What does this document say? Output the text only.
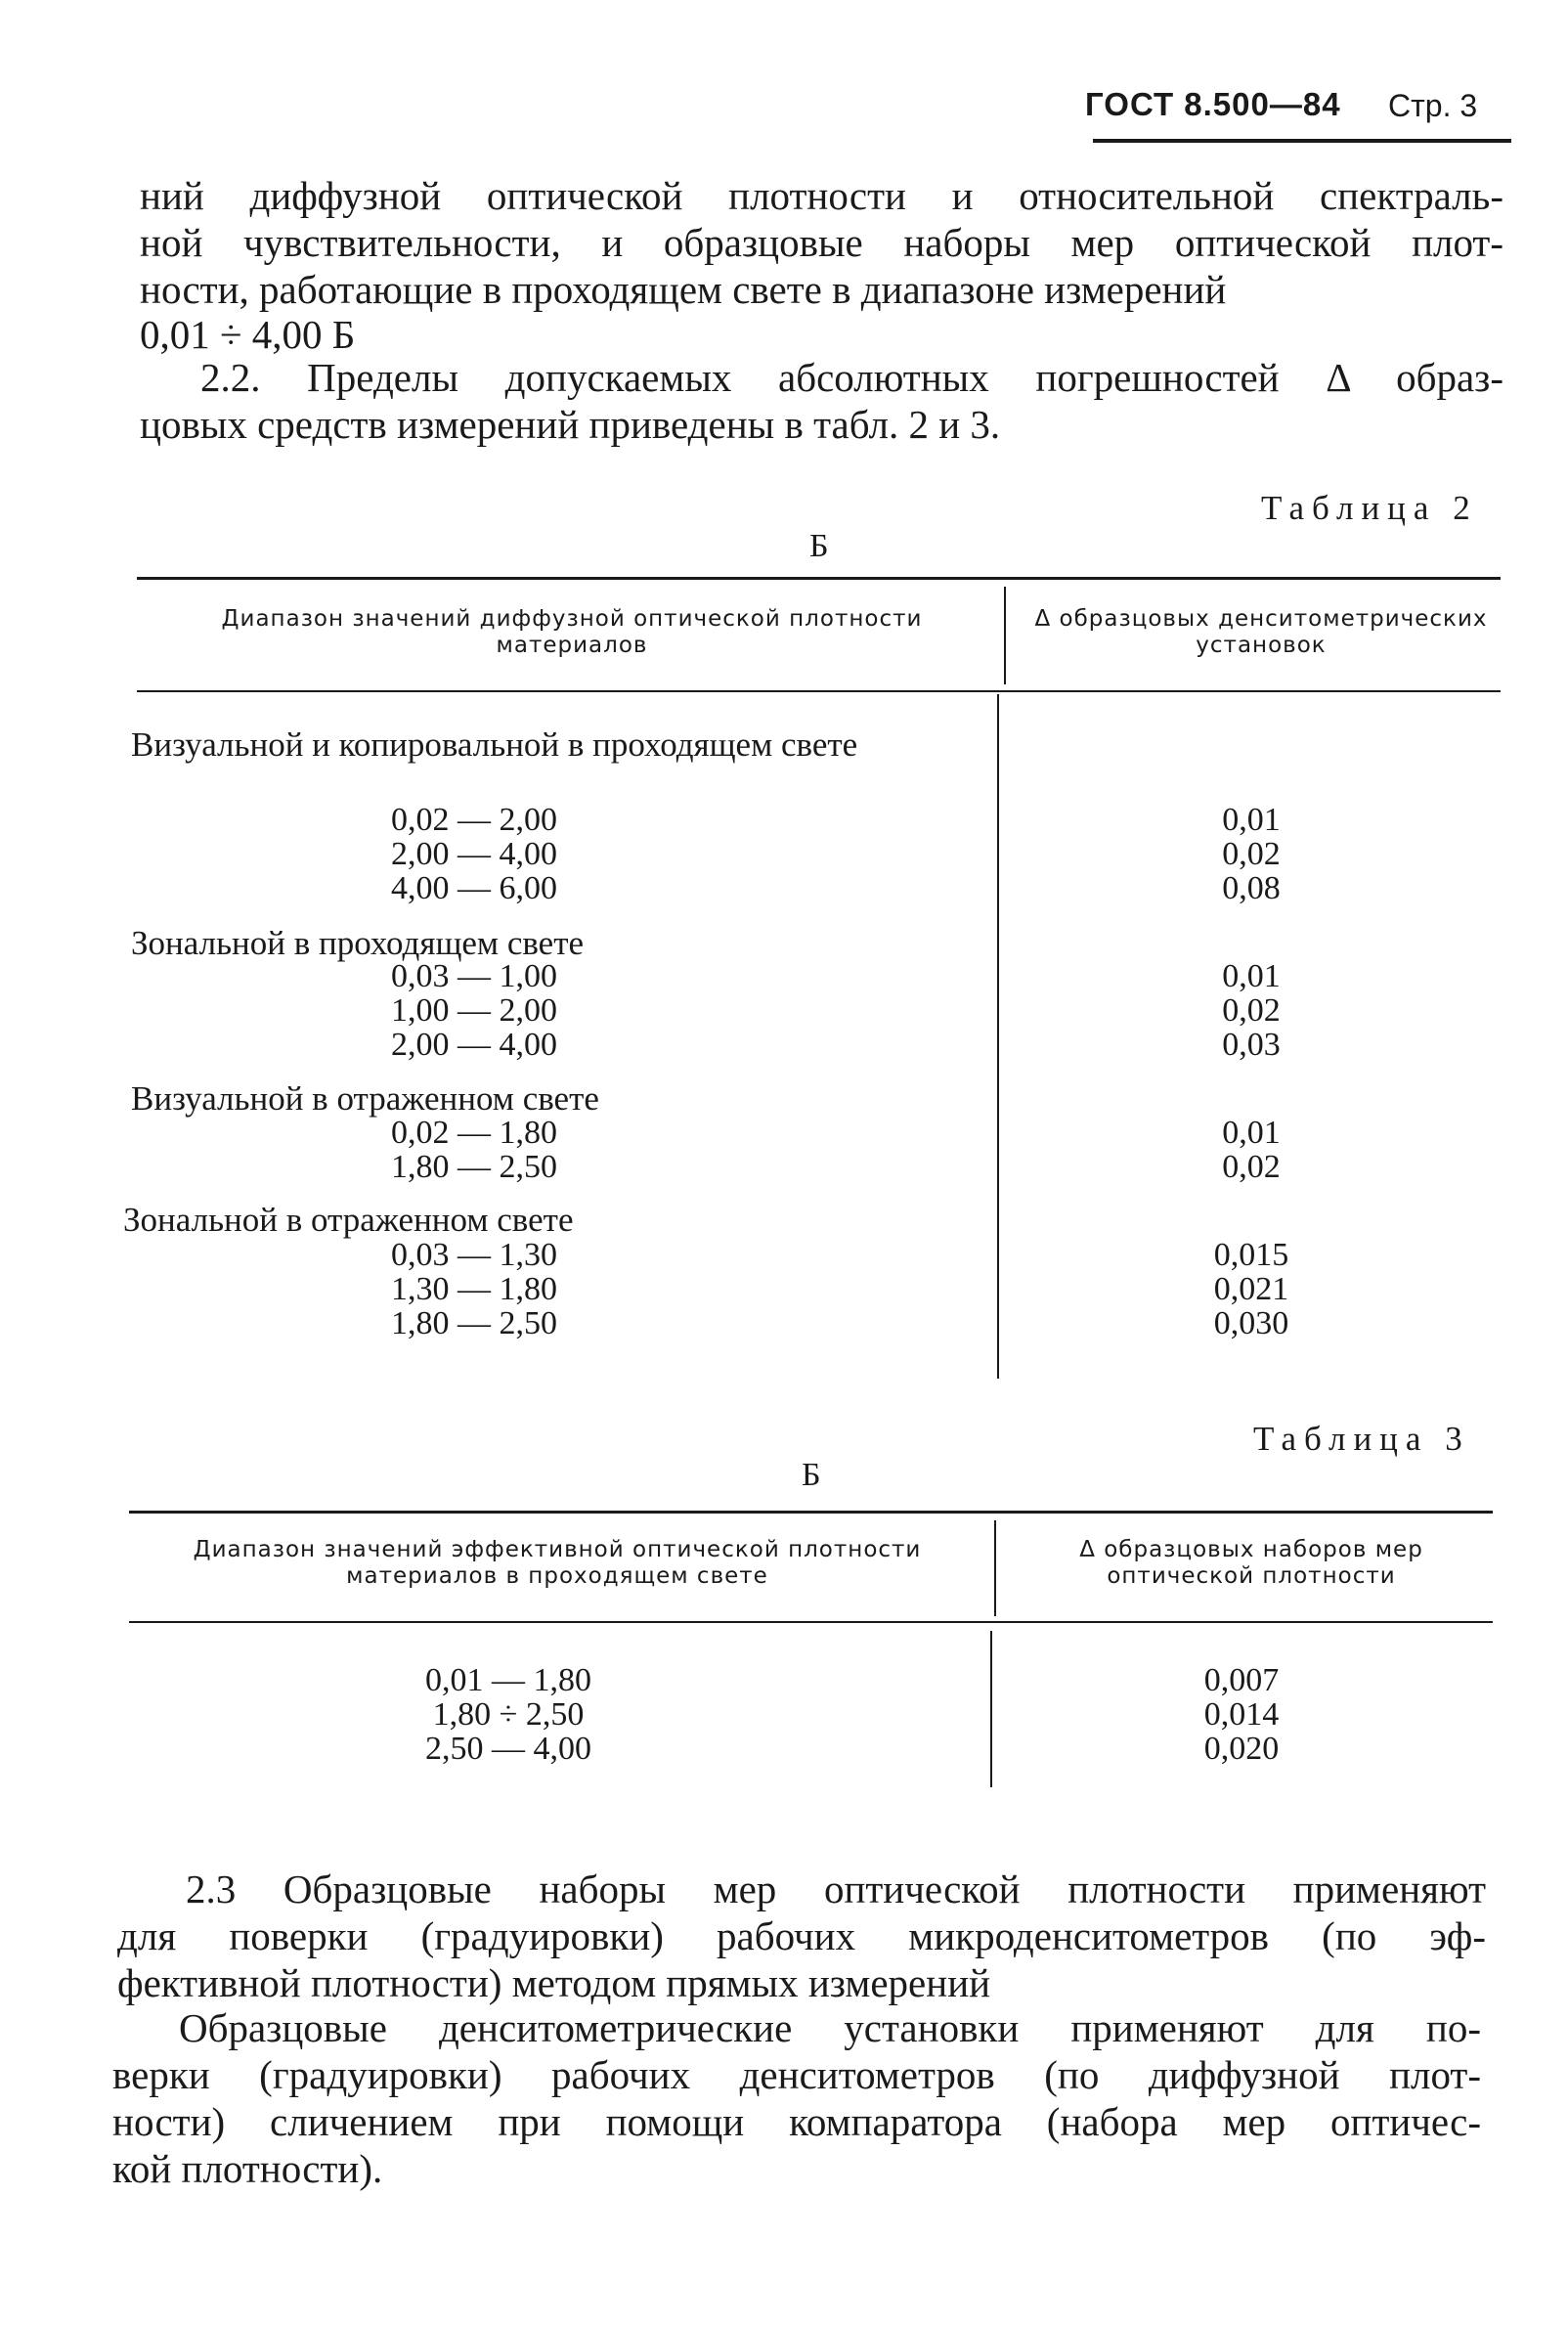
ГОСТ 8.500—84 Стр. 3
ний диффузной оптической плотности и относительной спектраль-
ной чувствительности, и образцовые наборы мер оптической плот-
ности, работающие в проходящем свете в диапазоне измерений
0,01 ÷ 4,00 Б
2.2. Пределы допускаемых абсолютных погрешностей Δ образ-
цовых средств измерений приведены в табл. 2 и 3.
Таблица 2
Б
Диапазон значений диффузной оптической плотности материалов
Δ образцовых денситометрических установок
Визуальной и копировальной в проходящем свете
0,02 — 2,00	0,01
2,00 — 4,00	0,02
4,00 — 6,00	0,08
Зональной в проходящем свете
0,03 — 1,00	0,01
1,00 — 2,00	0,02
2,00 — 4,00	0,03
Визуальной в отраженном свете
0,02 — 1,80	0,01
1,80 — 2,50	0,02
Зональной в отраженном свете
0,03 — 1,30	0,015
1,30 — 1,80	0,021
1,80 — 2,50	0,030
Таблица 3
Б
Диапазон значений эффективной оптической плотности материалов в проходящем свете
Δ образцовых наборов мер оптической плотности
0,01 — 1,80	0,007
1,80 ÷ 2,50	0,014
2,50 — 4,00	0,020
2.3 Образцовые наборы мер оптической плотности применяют
для поверки (градуировки) рабочих микроденситометров (по эф-
фективной плотности) методом прямых измерений
Образцовые денситометрические установки применяют для по-
верки (градуировки) рабочих денситометров (по диффузной плот-
ности) сличением при помощи компаратора (набора мер оптичес-
кой плотности).
